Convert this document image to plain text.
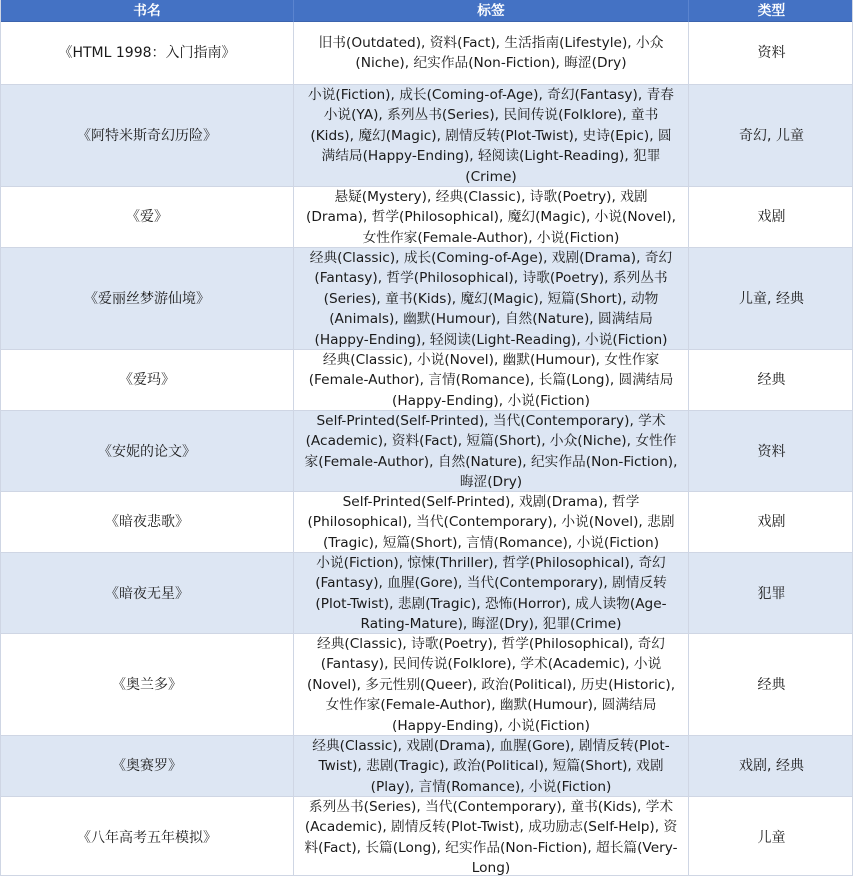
书名	标签	类型
《HTML 1998：入门指南》
旧书(Outdated), 资料(Fact), 生活指南(Lifestyle), 小众(Niche), 纪实作品(Non-Fiction), 晦涩(Dry)
资料
《阿特米斯奇幻历险》
小说(Fiction), 成长(Coming-of-Age), 奇幻(Fantasy), 青春小说(YA), 系列丛书(Series), 民间传说(Folklore), 童书(Kids), 魔幻(Magic), 剧情反转(Plot-Twist), 史诗(Epic), 圆满结局(Happy-Ending), 轻阅读(Light-Reading), 犯罪(Crime)
奇幻, 儿童
《爱》
悬疑(Mystery), 经典(Classic), 诗歌(Poetry), 戏剧(Drama), 哲学(Philosophical), 魔幻(Magic), 小说(Novel), 女性作家(Female-Author), 小说(Fiction)
戏剧
《爱丽丝梦游仙境》
经典(Classic), 成长(Coming-of-Age), 戏剧(Drama), 奇幻(Fantasy), 哲学(Philosophical), 诗歌(Poetry), 系列丛书(Series), 童书(Kids), 魔幻(Magic), 短篇(Short), 动物(Animals), 幽默(Humour), 自然(Nature), 圆满结局(Happy-Ending), 轻阅读(Light-Reading), 小说(Fiction)
儿童, 经典
《爱玛》
经典(Classic), 小说(Novel), 幽默(Humour), 女性作家(Female-Author), 言情(Romance), 长篇(Long), 圆满结局(Happy-Ending), 小说(Fiction)
经典
《安妮的论文》
Self-Printed(Self-Printed), 当代(Contemporary), 学术(Academic), 资料(Fact), 短篇(Short), 小众(Niche), 女性作家(Female-Author), 自然(Nature), 纪实作品(Non-Fiction), 晦涩(Dry)
资料
《暗夜悲歌》
Self-Printed(Self-Printed), 戏剧(Drama), 哲学(Philosophical), 当代(Contemporary), 小说(Novel), 悲剧(Tragic), 短篇(Short), 言情(Romance), 小说(Fiction)
戏剧
《暗夜无星》
小说(Fiction), 惊悚(Thriller), 哲学(Philosophical), 奇幻(Fantasy), 血腥(Gore), 当代(Contemporary), 剧情反转(Plot-Twist), 悲剧(Tragic), 恐怖(Horror), 成人读物(Age-Rating-Mature), 晦涩(Dry), 犯罪(Crime)
犯罪
《奥兰多》
经典(Classic), 诗歌(Poetry), 哲学(Philosophical), 奇幻(Fantasy), 民间传说(Folklore), 学术(Academic), 小说(Novel), 多元性别(Queer), 政治(Political), 历史(Historic), 女性作家(Female-Author), 幽默(Humour), 圆满结局(Happy-Ending), 小说(Fiction)
经典
《奥赛罗》
经典(Classic), 戏剧(Drama), 血腥(Gore), 剧情反转(Plot-Twist), 悲剧(Tragic), 政治(Political), 短篇(Short), 戏剧(Play), 言情(Romance), 小说(Fiction)
戏剧, 经典
《八年高考五年模拟》
系列丛书(Series), 当代(Contemporary), 童书(Kids), 学术(Academic), 剧情反转(Plot-Twist), 成功励志(Self-Help), 资料(Fact), 长篇(Long), 纪实作品(Non-Fiction), 超长篇(Very-Long)
儿童
